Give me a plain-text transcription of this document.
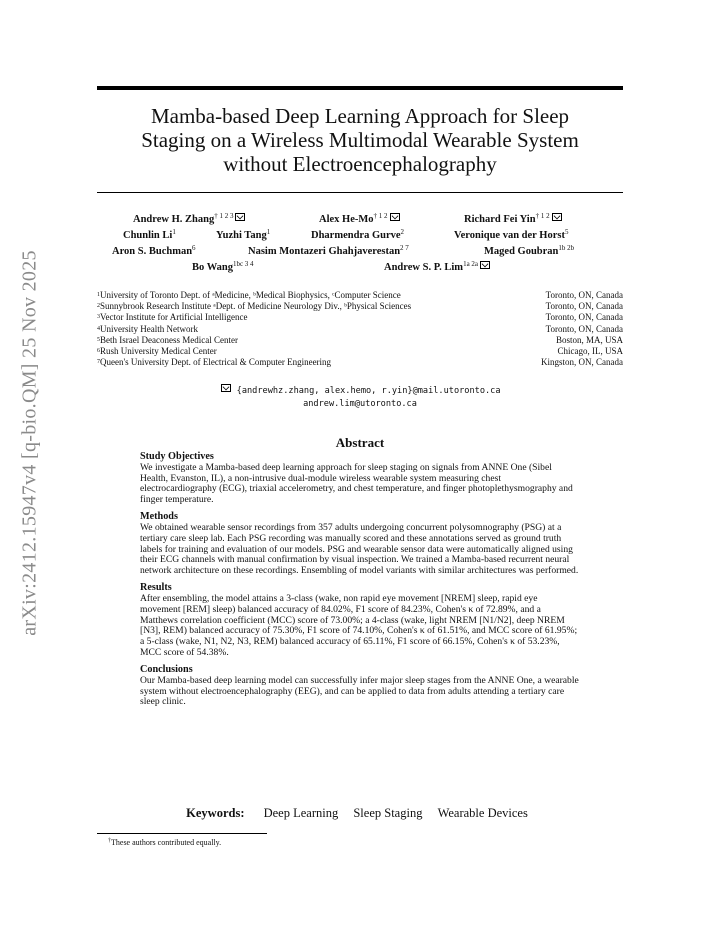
arXiv:2412.15947v4 [q-bio.QM] 25 Nov 2025
Mamba-based Deep Learning Approach for Sleep
Staging on a Wireless Multimodal Wearable System
without Electroencephalography
Andrew H. Zhang$^{\dagger 1 2 3}$	Alex $He-Mo^{\dagger 1 2}$	Richard Fei Yin$^{\dagger 1 2}$
Chunlin Li$^1$	Yuzhi Tang$^1$	Dharmendra Gurve$^2$	Veronique van der Horst$^5$
Aron S. Buchman$^6$	Nasim Montazeri Ghahjaverestan$^{2 7}$	Maged Goubran$^{1b 2b}$
Bo Wang$^{1bc 3 4}$	Andrew S. P. Lim$^{1a 2a}$
$^1$University of Toronto Dept. of ᵃMedicine, ᵇMedical Biophysics, ᶜComputer Science	Toronto, ON, Canada
$^2$Sunnybrook Research Institute ᵃDept. of Medicine Neurology Div., ᵇPhysical Sciences	Toronto, ON, Canada
$^3$Vector Institute for Artificial Intelligence	Toronto, ON, Canada
$^4$University Health Network	Toronto, ON, Canada
$^5$Beth Israel Deaconess Medical Center	Boston, MA, USA
$^6$Rush University Medical Center	Chicago, IL, USA
$^7$Queen's University Dept. of Electrical & Computer Engineering	Kingston, ON, Canada
{andrewhz.zhang, alex.hemo, r.yin}@mail.utoronto.ca
andrew.lim@utoronto.ca
Abstract
Study Objectives

We investigate a Mamba-based deep learning approach for sleep staging on signals from ANNE One (Sibel Health, Evanston, IL), a non-intrusive dual-module wireless wearable system measuring chest electrocardiography (ECG), triaxial accelerometry, and chest temperature, and finger photoplethysmography and finger temperature.

Methods

We obtained wearable sensor recordings from 357 adults undergoing concurrent polysomnography (PSG) at a tertiary care sleep lab. Each PSG recording was manually scored and these annotations served as ground truth labels for training and evaluation of our models. PSG and wearable sensor data were automatically aligned using their ECG channels with manual confirmation by visual inspection. We trained a Mamba-based recurrent neural network architecture on these recordings. Ensembling of model variants with similar architectures was performed.

Results

After ensembling, the model attains a 3-class (wake, non rapid eye movement [NREM] sleep, rapid eye movement [REM] sleep) balanced accuracy of 84.02%, F1 score of 84.23%, Cohen's κ of 72.89%, and a Matthews correlation coefficient (MCC) score of 73.00%; a 4-class (wake, light NREM [N1/N2], deep NREM [N3], REM) balanced accuracy of 75.30%, F1 score of 74.10%, Cohen's κ of 61.51%, and MCC score of 61.95%; a 5-class (wake, N1, N2, N3, REM) balanced accuracy of 65.11%, F1 score of 66.15%, Cohen's κ of 53.23%, MCC score of 54.38%.

Conclusions

Our Mamba-based deep learning model can successfully infer major sleep stages from the ANNE One, a wearable system without electroencephalography (EEG), and can be applied to data from adults attending a tertiary care sleep clinic.

Keywords: Deep Learning Sleep Staging Wearable Devices
†These authors contributed equally.
